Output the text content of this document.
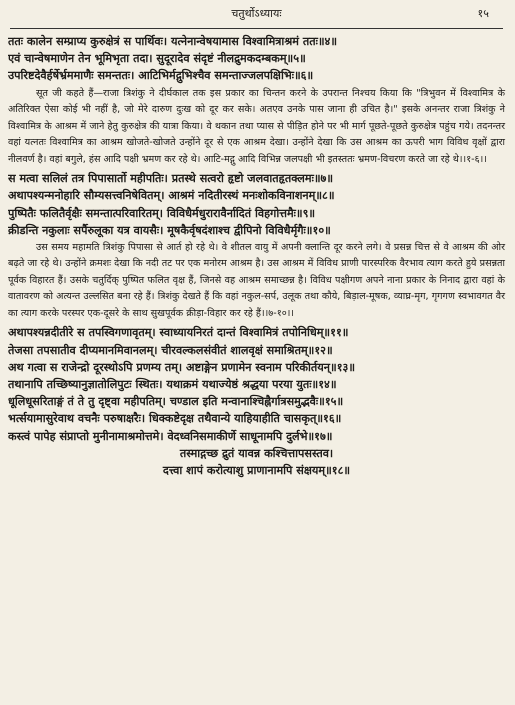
चतुर्थोऽध्यायः	१५
ततः कालेन सम्प्राप्य कुरुक्षेत्रं स पार्थिवः। यत्नेनान्वेषयामास विश्वामित्राश्रमं ततः॥४॥
एवं चान्वेषमाणेन तेन भूमिभृता तदा। सुदूरादेव संदृष्टं नीलद्रुमकदम्बकम्॥५॥
उपरिष्टदेवैर्हर्षेर्भ्रममाणैः समन्ततः। आटिभिर्मद्गुभिश्चैव समन्ताज्जलपक्षिभिः॥६॥
सूत जी कहते हैं—राजा त्रिशंकु ने दीर्घकाल तक इस प्रकार का चिन्तन करने के उपरान्त निश्चय किया कि "त्रिभुवन में विश्वामित्र के अतिरिक्त ऐसा कोई भी नहीं है, जो मेरे दारुण दुःख को दूर कर सके। अतएव उनके पास जाना ही उचित है।" इसके अनन्तर राजा त्रिशंकु ने विश्वामित्र के आश्रम में जाने हेतु कुरुक्षेत्र की यात्रा किया। वे थकान तथा प्यास से पीड़ित होने पर भी मार्ग पूछते-पूछते कुरुक्षेत्र पहुंच गये। तदनन्तर वहां यत्नतः विश्वामित्र का आश्रम खोजते-खोजते उन्होंने दूर से एक आश्रम देखा। उन्होंने देखा कि उस आश्रम का ऊपरी भाग विविध वृक्षों द्वारा नीलवर्ण है। वहां बगुले, हंस आदि पक्षी भ्रमण कर रहे थे। आटि-मद्गु आदि विभिन्न जलपक्षी भी इतस्ततः भ्रमण-विचरण करते जा रहे थे।।१-६।।
स मत्वा सलिलं तत्र पिपासार्तो महीपतिः। प्रतस्थे सत्वरो हृष्टो जलवातहृतक्लमः॥७॥
अथापश्यन्मनोहारि सौम्यसत्त्वनिषेवितम्। आश्रमं नदितीरस्थं मनःशोकविनाशनम्॥८॥
पुष्पितैः फलितैर्वृक्षैः समन्तात्परिवारितम्। विविधैर्मधुरारावैर्नादितं विहगोत्तमैः॥९॥
क्रीडन्ति नकुलाः सर्पैरुलूका यत्र वायसैः। मूषकैर्वृषदंशाश्च द्वीपिनो विविधैर्मृगैः॥१०॥
उस समय महामति त्रिशंकु पिपासा से आर्त हो रहे थे। वे शीतल वायु में अपनी क्लान्ति दूर करने लगे। वे प्रसन्न चित्त से वे आश्रम की ओर बढ़ते जा रहे थे। उन्होंने क्रमशः देखा कि नदी तट पर एक मनोरम आश्रम है। उस आश्रम में विविध प्राणी पारस्परिक वैरभाव त्याग करते हुये प्रसन्नता पूर्वक विहारत हैं। उसके चतुर्दिक् पुष्पित फलित वृक्ष हैं, जिनसे वह आश्रम समाच्छन्न है। विविध पक्षीगण अपने नाना प्रकार के निनाद द्वारा वहां के वातावरण को अत्यन्त उल्लसित बना रहे हैं। त्रिशंकु देखते हैं कि वहां नकुल-सर्प, उलूक तथा कौये, बिड़ाल-मूषक, व्याघ्र-मृग, गृगगण स्वभावगत वैर का त्याग करके परस्पर एक-दूसरे के साथ सुखपूर्वक क्रीड़ा-विहार कर रहे हैं।।७-१०।।
अथापश्यन्नदीतीरे स तपस्विगणावृतम्। स्वाध्यायनिरतं दान्तं विश्वामित्रं तपोनिधिम्॥११॥
तेजसा तपसातीव दीप्यमानमिवानलम्। चीरवल्कलसंवीतं शालवृक्षं समाश्रितम्॥१२॥
अथ गत्वा स राजेन्द्रो दूरस्थोऽपि प्रणम्य तम्। अष्टाङ्गेन प्रणामेन स्वनाम परिकीर्तयन्॥१३॥
तथानापि तच्छिष्यानुज्ञातोलिपुटः स्थितः। यथाक्रमं यथाज्येष्ठं श्रद्धया परया युतः॥१४॥
धूलिधूसरिताङ्गं तं ते तु दृष्ट्वा महीपतिम्। चण्डाल इति मन्वानाश्चिह्नैर्गात्रसमुद्भवैः॥१५॥
भर्त्सयामासुरेवाथ वचनैः परुषाक्षरैः। धिक्कष्टेदृक्ष तथैवान्ये याहियाहीति चासकृत्॥१६॥
कस्त्वं पापेह संप्राप्तो मुनीनामाश्रमोत्तमे। वेदध्वनिसमाकीर्णे साधूनामपि दुर्लभे॥१७॥
तस्माद्गच्छ द्रुतं यावन्न कश्चित्तापसस्तव।
दत्त्वा शापं करोत्याशु प्राणानामपि संक्षयम्॥१८॥
